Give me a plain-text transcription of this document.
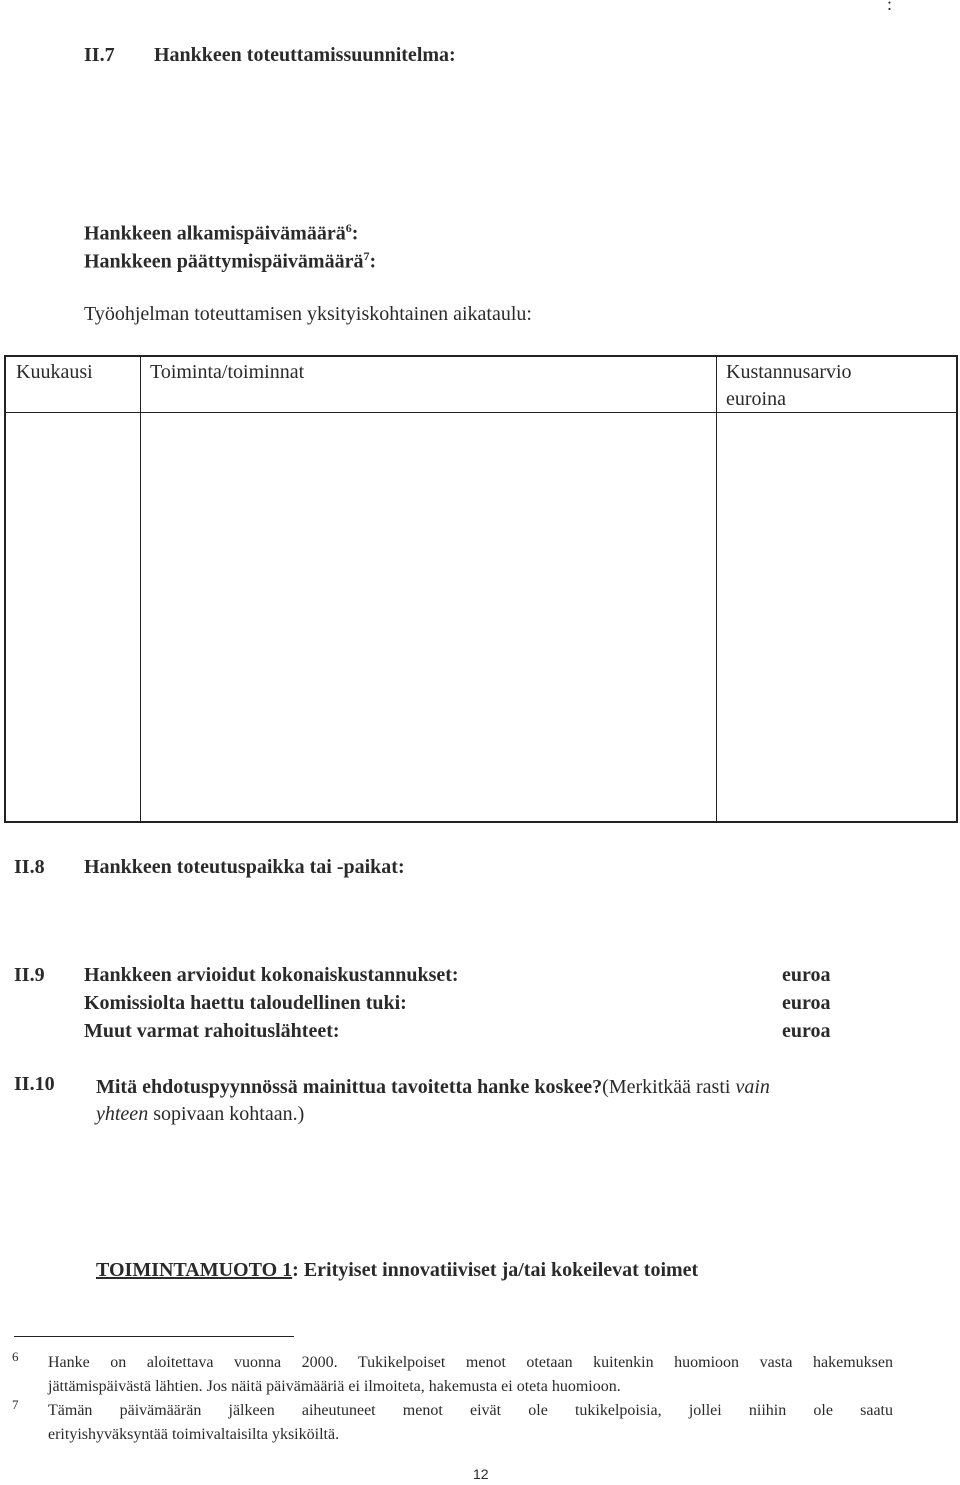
:
II.7 Hankkeen toteuttamissuunnitelma:
Hankkeen alkamispäivämäärä$^6$:
Hankkeen päättymispäivämäärä$^7$:
Työohjelman toteuttamisen yksityiskohtainen aikataulu:
Kuukausi	Toiminta/toiminnat	Kustannusarvio
euroina
II.8 Hankkeen toteutuspaikka tai -paikat:
II.9 Hankkeen arvioidut kokonaiskustannukset:	euroa
Komissiolta haettu taloudellinen tuki:	euroa
Muut varmat rahoituslähteet:	euroa
II.10 Mitä ehdotuspyynnössä mainittua tavoitetta hanke koskee?(Merkitkää rasti vain
yhteen sopivaan kohtaan.)
TOIMINTAMUOTO 1: Erityiset innovatiiviset ja/tai kokeilevat toimet
6 Hanke on aloitettava vuonna 2000. Tukikelpoiset menot otetaan kuitenkin huomioon vasta hakemuksen
jättämispäivästä lähtien. Jos näitä päivämääriä ei ilmoiteta, hakemusta ei oteta huomioon.
7 Tämän päivämäärän jälkeen aiheutuneet menot eivät ole tukikelpoisia, jollei niihin ole saatu
erityishyväksyntää toimivaltaisilta yksiköiltä.
12
